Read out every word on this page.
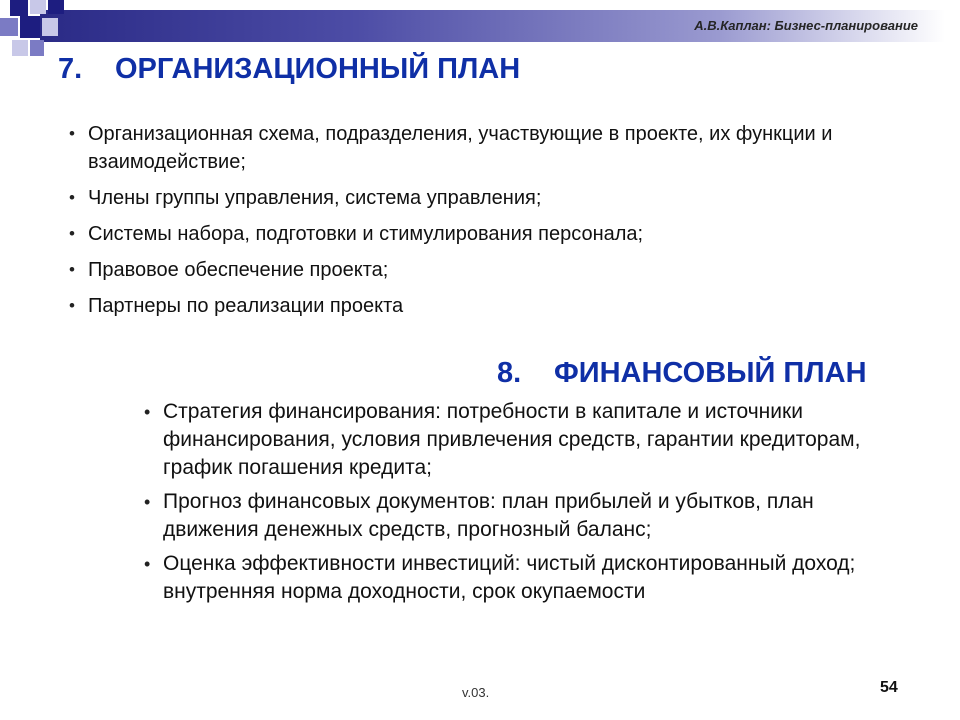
А.В.Каплан: Бизнес-планирование
7. ОРГАНИЗАЦИОННЫЙ ПЛАН
• Организационная схема, подразделения, участвующие в проекте, их функции и взаимодействие;
• Члены группы управления, система управления;
• Системы набора, подготовки и стимулирования персонала;
• Правовое обеспечение проекта;
• Партнеры по реализации проекта
8. ФИНАНСОВЫЙ ПЛАН
• Стратегия финансирования: потребности в капитале и источники финансирования, условия привлечения средств, гарантии кредиторам, график погашения кредита;
• Прогноз финансовых документов: план прибылей и убытков, план движения денежных средств, прогнозный баланс;
• Оценка эффективности инвестиций: чистый дисконтированный доход; внутренняя норма доходности, срок окупаемости
v.03.	54
